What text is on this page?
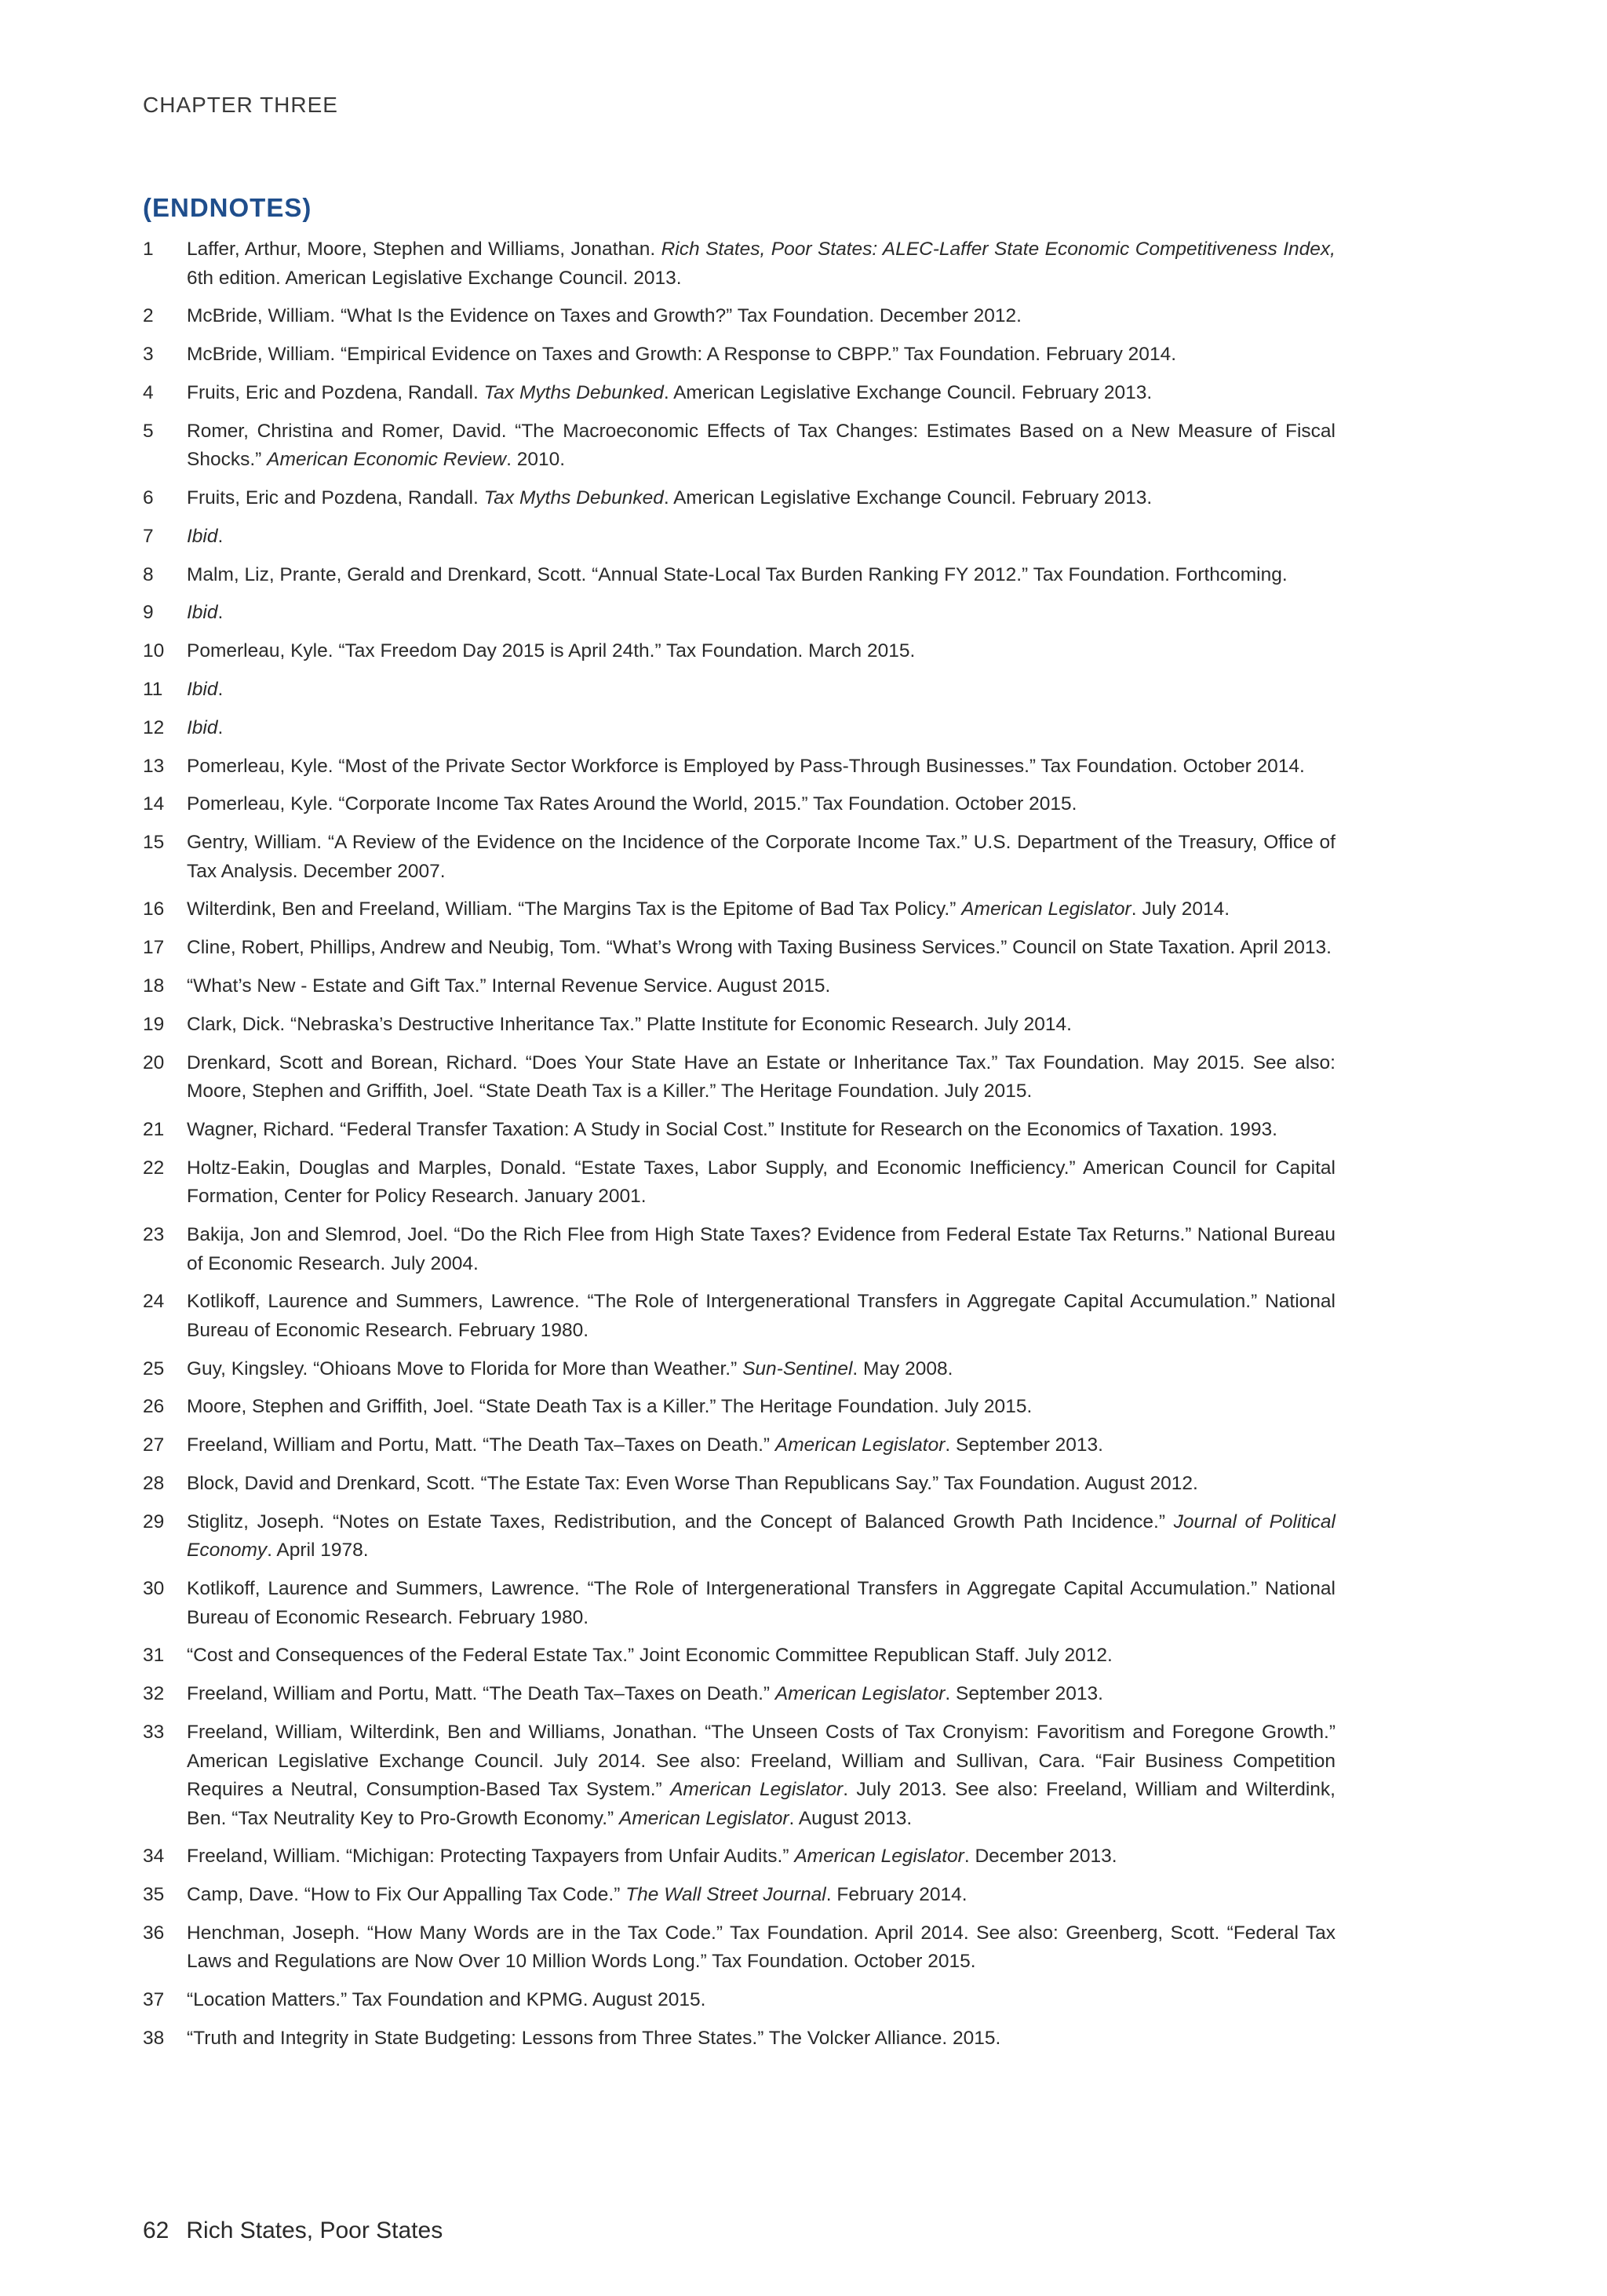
CHAPTER THREE
(ENDNOTES)
1	Laffer, Arthur, Moore, Stephen and Williams, Jonathan. Rich States, Poor States: ALEC-Laffer State Economic Competitiveness Index, 6th edition. American Legislative Exchange Council. 2013.
2	McBride, William. “What Is the Evidence on Taxes and Growth?” Tax Foundation. December 2012.
3	McBride, William. “Empirical Evidence on Taxes and Growth: A Response to CBPP.” Tax Foundation. February 2014.
4	Fruits, Eric and Pozdena, Randall. Tax Myths Debunked. American Legislative Exchange Council. February 2013.
5	Romer, Christina and Romer, David. “The Macroeconomic Effects of Tax Changes: Estimates Based on a New Measure of Fiscal Shocks.” American Economic Review. 2010.
6	Fruits, Eric and Pozdena, Randall. Tax Myths Debunked. American Legislative Exchange Council. February 2013.
7	Ibid.
8	Malm, Liz, Prante, Gerald and Drenkard, Scott. “Annual State-Local Tax Burden Ranking FY 2012.” Tax Foundation. Forthcoming.
9	Ibid.
10	Pomerleau, Kyle. “Tax Freedom Day 2015 is April 24th.” Tax Foundation. March 2015.
11	Ibid.
12	Ibid.
13	Pomerleau, Kyle. “Most of the Private Sector Workforce is Employed by Pass-Through Businesses.” Tax Foundation. October 2014.
14	Pomerleau, Kyle. “Corporate Income Tax Rates Around the World, 2015.” Tax Foundation. October 2015.
15	Gentry, William. “A Review of the Evidence on the Incidence of the Corporate Income Tax.” U.S. Department of the Treasury, Office of Tax Analysis. December 2007.
16	Wilterdink, Ben and Freeland, William. “The Margins Tax is the Epitome of Bad Tax Policy.” American Legislator. July 2014.
17	Cline, Robert, Phillips, Andrew and Neubig, Tom. “What’s Wrong with Taxing Business Services.” Council on State Taxation. April 2013.
18	“What’s New - Estate and Gift Tax.” Internal Revenue Service. August 2015.
19	Clark, Dick. “Nebraska’s Destructive Inheritance Tax.” Platte Institute for Economic Research. July 2014.
20	Drenkard, Scott and Borean, Richard. “Does Your State Have an Estate or Inheritance Tax.” Tax Foundation. May 2015. See also: Moore, Stephen and Griffith, Joel. “State Death Tax is a Killer.” The Heritage Foundation. July 2015.
21	Wagner, Richard. “Federal Transfer Taxation: A Study in Social Cost.” Institute for Research on the Economics of Taxation. 1993.
22	Holtz-Eakin, Douglas and Marples, Donald. “Estate Taxes, Labor Supply, and Economic Inefficiency.” American Council for Capital Formation, Center for Policy Research. January 2001.
23	Bakija, Jon and Slemrod, Joel. “Do the Rich Flee from High State Taxes? Evidence from Federal Estate Tax Returns.” National Bureau of Economic Research. July 2004.
24	Kotlikoff, Laurence and Summers, Lawrence. “The Role of Intergenerational Transfers in Aggregate Capital Accumulation.” National Bureau of Economic Research. February 1980.
25	Guy, Kingsley. “Ohioans Move to Florida for More than Weather.” Sun-Sentinel. May 2008.
26	Moore, Stephen and Griffith, Joel. “State Death Tax is a Killer.” The Heritage Foundation. July 2015.
27	Freeland, William and Portu, Matt. “The Death Tax–Taxes on Death.” American Legislator. September 2013.
28	Block, David and Drenkard, Scott. “The Estate Tax: Even Worse Than Republicans Say.” Tax Foundation. August 2012.
29	Stiglitz, Joseph. “Notes on Estate Taxes, Redistribution, and the Concept of Balanced Growth Path Incidence.” Journal of Political Economy. April 1978.
30	Kotlikoff, Laurence and Summers, Lawrence. “The Role of Intergenerational Transfers in Aggregate Capital Accumulation.” National Bureau of Economic Research. February 1980.
31	“Cost and Consequences of the Federal Estate Tax.” Joint Economic Committee Republican Staff. July 2012.
32	Freeland, William and Portu, Matt. “The Death Tax–Taxes on Death.” American Legislator. September 2013.
33	Freeland, William, Wilterdink, Ben and Williams, Jonathan. “The Unseen Costs of Tax Cronyism: Favoritism and Foregone Growth.” American Legislative Exchange Council. July 2014. See also: Freeland, William and Sullivan, Cara. “Fair Business Competition Requires a Neutral, Consumption-Based Tax System.” American Legislator. July 2013. See also: Freeland, William and Wilterdink, Ben. “Tax Neutrality Key to Pro-Growth Economy.” American Legislator. August 2013.
34	Freeland, William. “Michigan: Protecting Taxpayers from Unfair Audits.” American Legislator. December 2013.
35	Camp, Dave. “How to Fix Our Appalling Tax Code.” The Wall Street Journal. February 2014.
36	Henchman, Joseph. “How Many Words are in the Tax Code.” Tax Foundation. April 2014. See also: Greenberg, Scott. “Federal Tax Laws and Regulations are Now Over 10 Million Words Long.” Tax Foundation. October 2015.
37	“Location Matters.” Tax Foundation and KPMG. August 2015.
38	“Truth and Integrity in State Budgeting: Lessons from Three States.” The Volcker Alliance. 2015.
62 Rich States, Poor States
